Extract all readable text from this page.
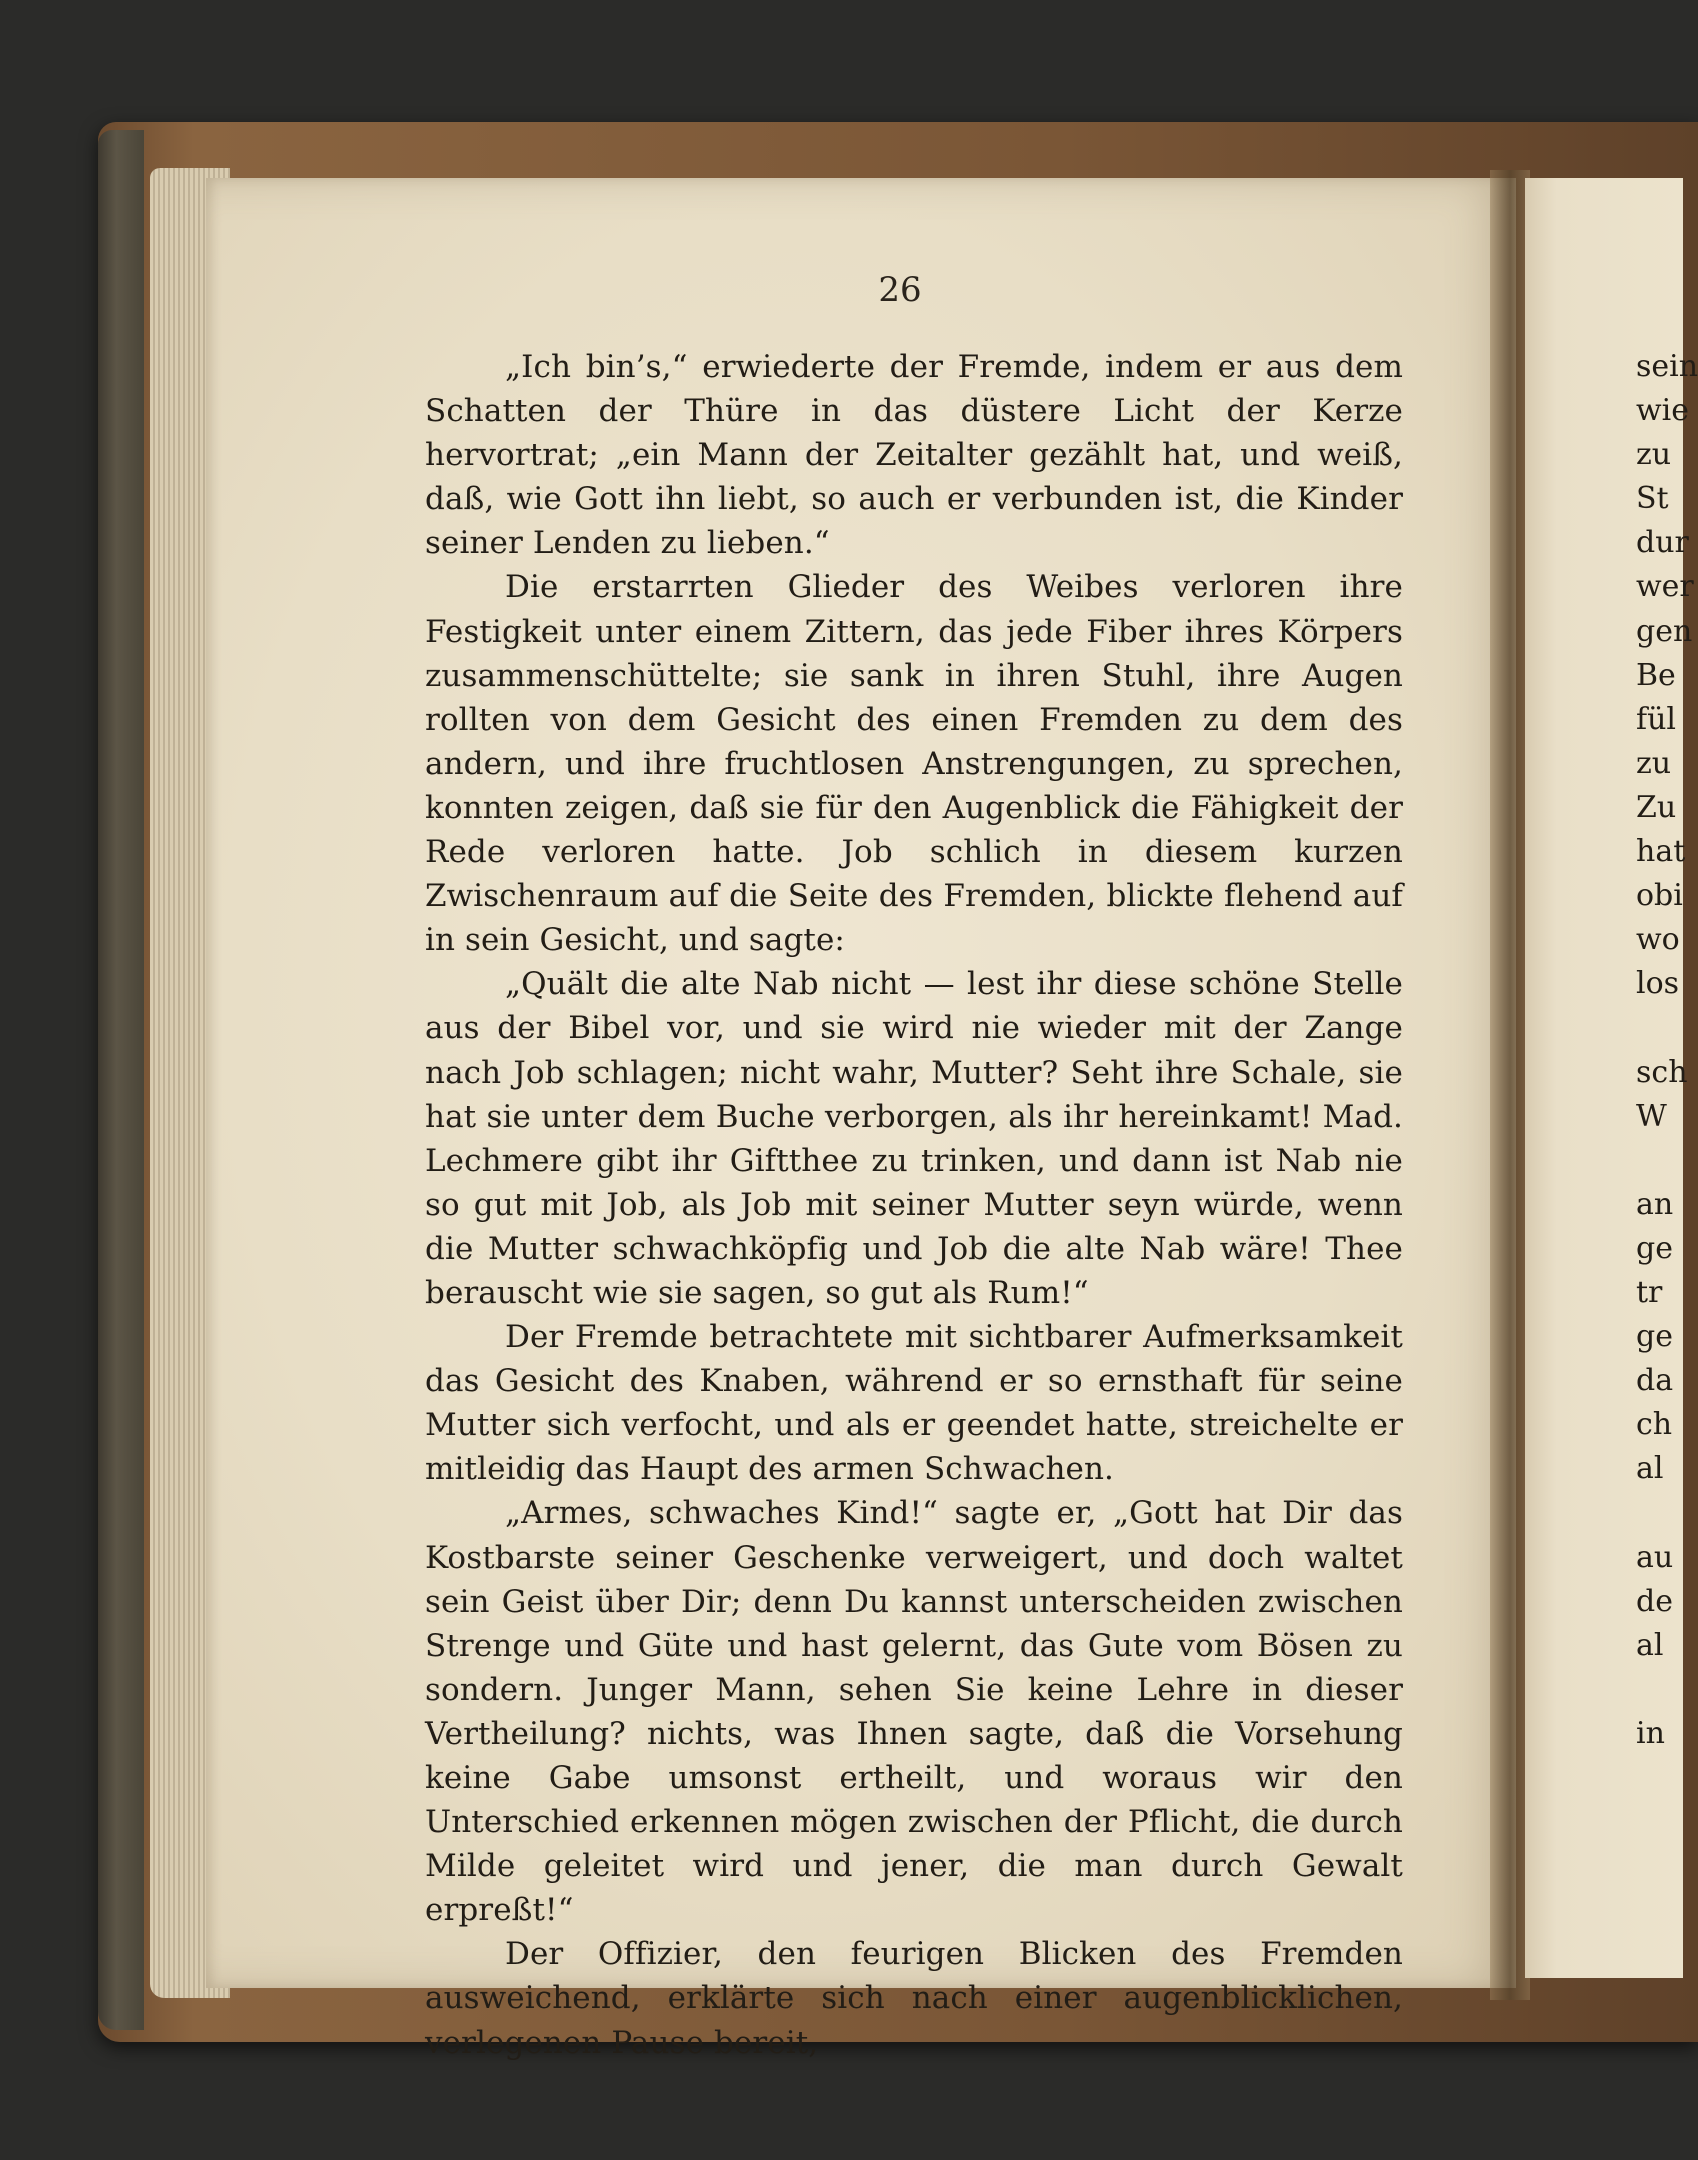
26

„Ich bin’s,“ erwiederte der Fremde, indem er aus dem Schatten der Thüre in das düstere Licht der Kerze hervortrat; „ein Mann der Zeitalter gezählt hat, und weiß, daß, wie Gott ihn liebt, so auch er verbunden ist, die Kinder seiner Lenden zu lieben.“

Die erstarrten Glieder des Weibes verloren ihre Festigkeit unter einem Zittern, das jede Fiber ihres Körpers zusammenschüttelte; sie sank in ihren Stuhl, ihre Augen rollten von dem Gesicht des einen Fremden zu dem des andern, und ihre fruchtlosen Anstrengungen, zu sprechen, konnten zeigen, daß sie für den Augenblick die Fähigkeit der Rede verloren hatte. Job schlich in diesem kurzen Zwischenraum auf die Seite des Fremden, blickte flehend auf in sein Gesicht, und sagte:

„Quält die alte Nab nicht — lest ihr diese schöne Stelle aus der Bibel vor, und sie wird nie wieder mit der Zange nach Job schlagen; nicht wahr, Mutter? Seht ihre Schale, sie hat sie unter dem Buche verborgen, als ihr hereinkamt! Mad. Lechmere gibt ihr Giftthee zu trinken, und dann ist Nab nie so gut mit Job, als Job mit seiner Mutter seyn würde, wenn die Mutter schwachköpfig und Job die alte Nab wäre! Thee berauscht wie sie sagen, so gut als Rum!“

Der Fremde betrachtete mit sichtbarer Aufmerksamkeit das Gesicht des Knaben, während er so ernsthaft für seine Mutter sich verfocht, und als er geendet hatte, streichelte er mitleidig das Haupt des armen Schwachen.

„Armes, schwaches Kind!“ sagte er, „Gott hat Dir das Kostbarste seiner Geschenke verweigert, und doch waltet sein Geist über Dir; denn Du kannst unterscheiden zwischen Strenge und Güte und hast gelernt, das Gute vom Bösen zu sondern. Junger Mann, sehen Sie keine Lehre in dieser Vertheilung? nichts, was Ihnen sagte, daß die Vorsehung keine Gabe umsonst ertheilt, und woraus wir den Unterschied erkennen mögen zwischen der Pflicht, die durch Milde geleitet wird und jener, die man durch Gewalt erpreßt!“

Der Offizier, den feurigen Blicken des Fremden ausweichend, erklärte sich nach einer augenblicklichen, verlegenen Pause bereit,

sein
wie
zu
St
dur
wer
gen
Be
fül
zu
Zu
hat
obi
wo
los
sch
W
an
ge
tr
ge
da
ch
al
au
de
al
in
